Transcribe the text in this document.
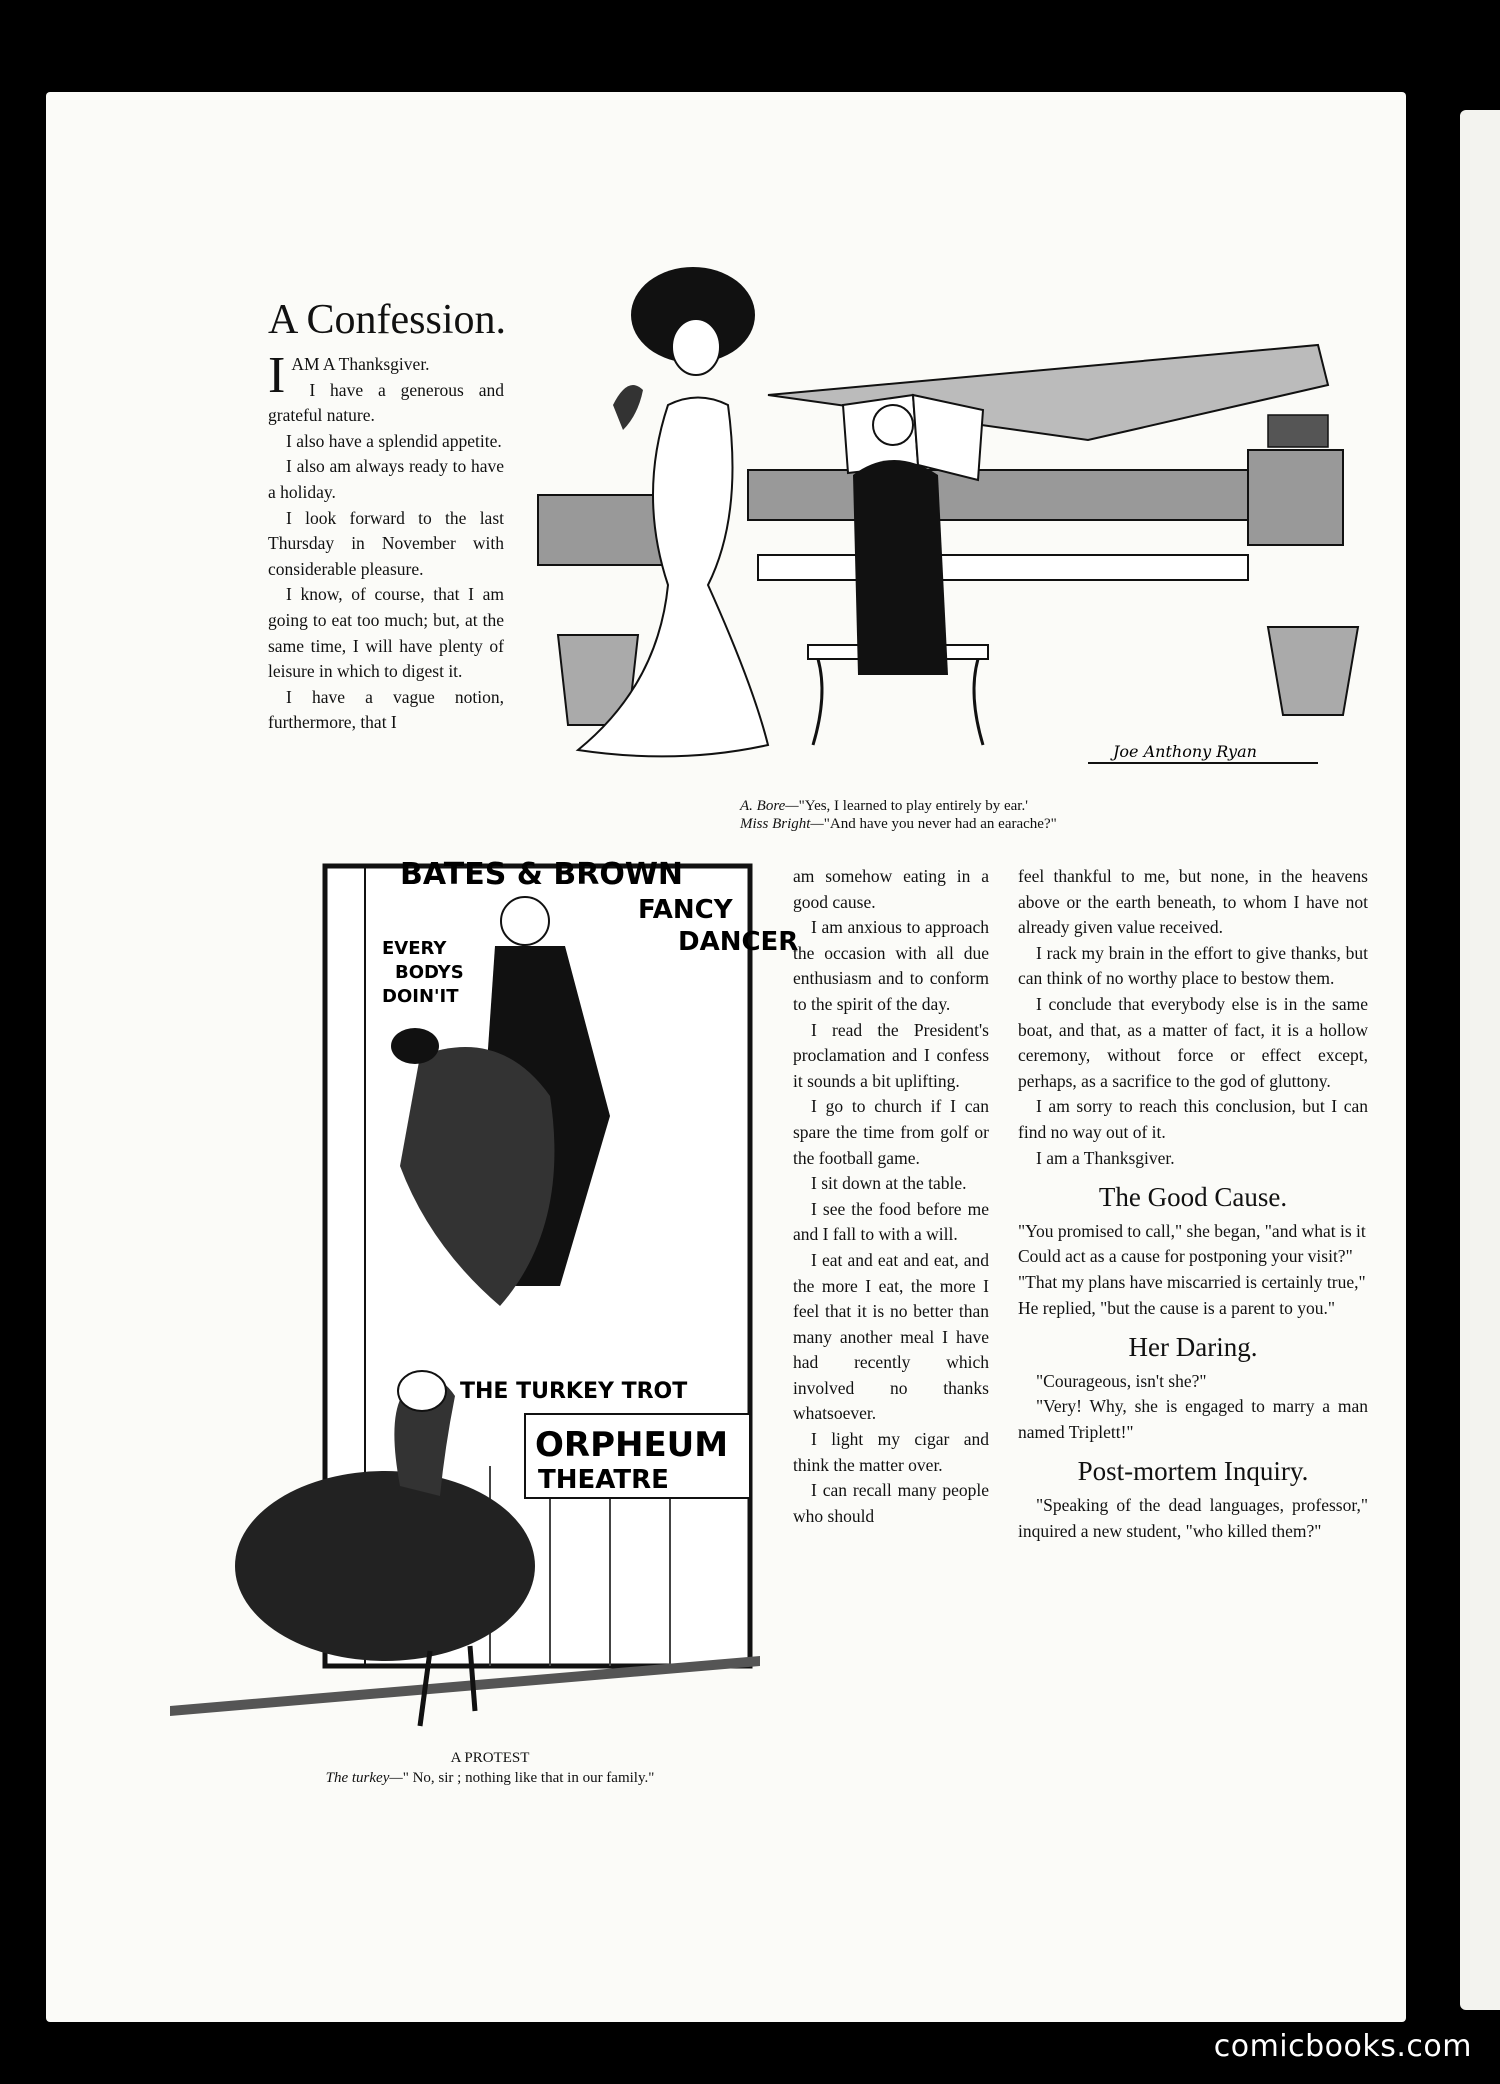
A Confession.

IAM A Thanksgiver.

I have a generous and grateful nature.

I also have a splendid appetite.

I also am always ready to have a holiday.

I look forward to the last Thursday in November with considerable pleasure.

I know, of course, that I am going to eat too much; but, at the same time, I will have plenty of leisure in which to digest it.

I have a vague notion, furthermore, that I

Joe Anthony Ryan
A. Bore—"Yes, I learned to play entirely by ear.'
Miss Bright—"And have you never had an earache?"
BATES & BROWN
FANCY
DANCER
EVERY
BODYS
DOIN'IT
THE TURKEY TROT
ORPHEUM
THEATRE
A PROTEST
The turkey—" No, sir ; nothing like that in our family."

am somehow eating in a good cause.

I am anxious to approach the occasion with all due enthusiasm and to conform to the spirit of the day.

I read the President's proclamation and I confess it sounds a bit uplifting.

I go to church if I can spare the time from golf or the football game.

I sit down at the table.

I see the food before me and I fall to with a will.

I eat and eat and eat, and the more I eat, the more I feel that it is no better than many another meal I have had recently which involved no thanks whatsoever.

I light my cigar and think the matter over.

I can recall many people who should

feel thankful to me, but none, in the heavens above or the earth beneath, to whom I have not already given value received.

I rack my brain in the effort to give thanks, but can think of no worthy place to bestow them.

I conclude that everybody else is in the same boat, and that, as a matter of fact, it is a hollow ceremony, without force or effect except, perhaps, as a sacrifice to the god of gluttony.

I am sorry to reach this conclusion, but I can find no way out of it.

I am a Thanksgiver.

The Good Cause.

"You promised to call," she began, "and what is it

Could act as a cause for postponing your visit?"

"That my plans have miscarried is certainly true,"

He replied, "but the cause is a parent to you."

Her Daring.

"Courageous, isn't she?"

"Very! Why, she is engaged to marry a man named Triplett!"

Post-mortem Inquiry.

"Speaking of the dead languages, professor," inquired a new student, "who killed them?"

comicbooks.com
